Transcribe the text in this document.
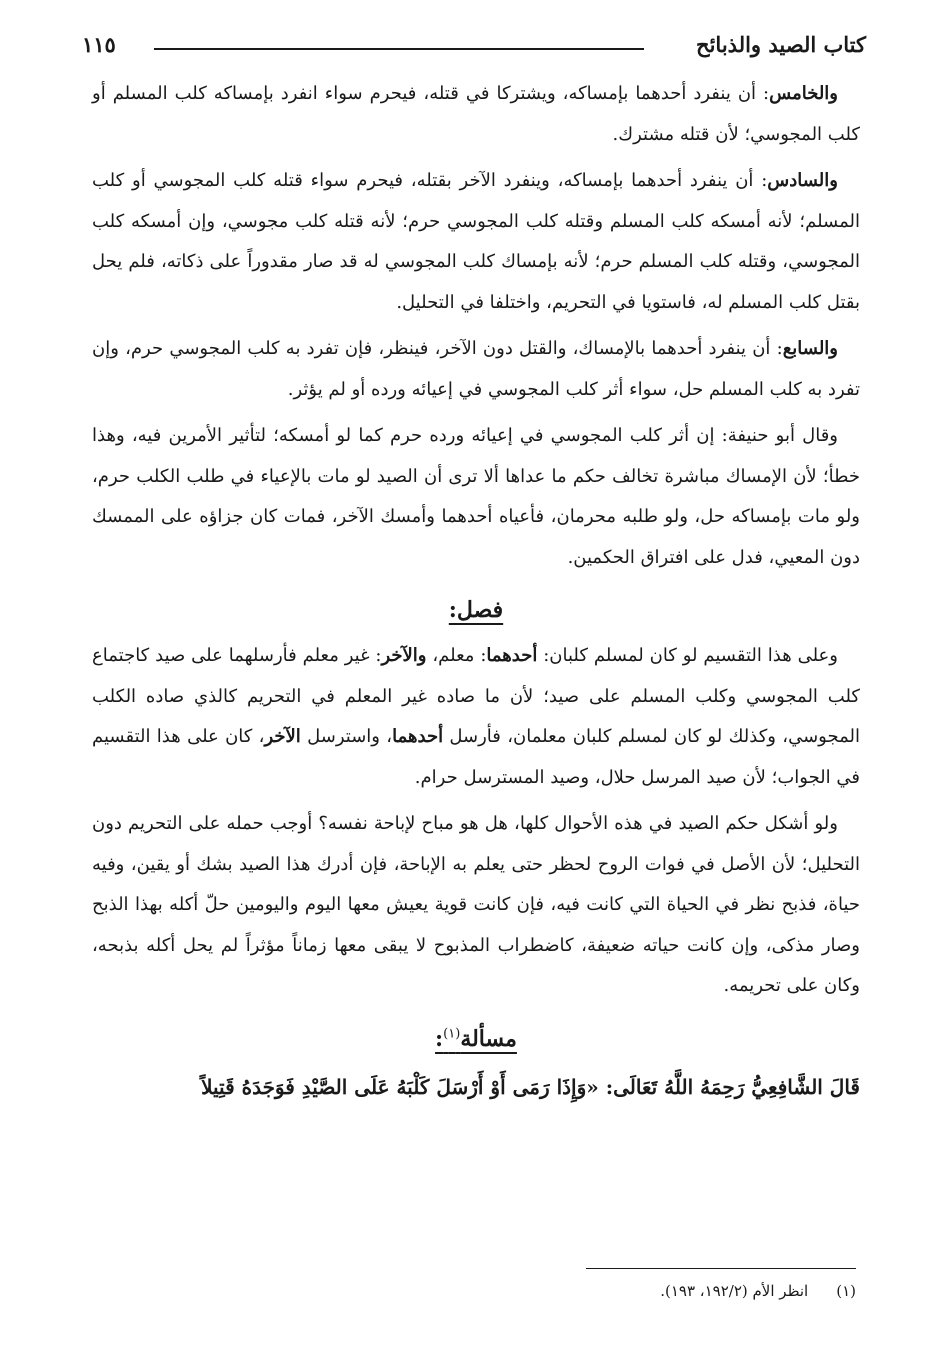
كتاب الصيد والذبائح
١١٥

والخامس: أن ينفرد أحدهما بإمساكه، ويشتركا في قتله، فيحرم سواء انفرد بإمساكه كلب المسلم أو كلب المجوسي؛ لأن قتله مشترك.

والسادس: أن ينفرد أحدهما بإمساكه، وينفرد الآخر بقتله، فيحرم سواء قتله كلب المجوسي أو كلب المسلم؛ لأنه أمسكه كلب المسلم وقتله كلب المجوسي حرم؛ لأنه قتله كلب مجوسي، وإن أمسكه كلب المجوسي، وقتله كلب المسلم حرم؛ لأنه بإمساك كلب المجوسي له قد صار مقدوراً على ذكاته، فلم يحل بقتل كلب المسلم له، فاستويا في التحريم، واختلفا في التحليل.

والسابع: أن ينفرد أحدهما بالإمساك، والقتل دون الآخر، فينظر، فإن تفرد به كلب المجوسي حرم، وإن تفرد به كلب المسلم حل، سواء أثر كلب المجوسي في إعيائه ورده أو لم يؤثر.

وقال أبو حنيفة: إن أثر كلب المجوسي في إعيائه ورده حرم كما لو أمسكه؛ لتأثير الأمرين فيه، وهذا خطأ؛ لأن الإمساك مباشرة تخالف حكم ما عداها ألا ترى أن الصيد لو مات بالإعياء في طلب الكلب حرم، ولو مات بإمساكه حل، ولو طلبه محرمان، فأعياه أحدهما وأمسك الآخر، فمات كان جزاؤه على الممسك دون المعيي، فدل على افتراق الحكمين.

فصل:

وعلى هذا التقسيم لو كان لمسلم كلبان: أحدهما: معلم، والآخر: غير معلم فأرسلهما على صيد كاجتماع كلب المجوسي وكلب المسلم على صيد؛ لأن ما صاده غير المعلم في التحريم كالذي صاده الكلب المجوسي، وكذلك لو كان لمسلم كلبان معلمان، فأرسل أحدهما، واسترسل الآخر، كان على هذا التقسيم في الجواب؛ لأن صيد المرسل حلال، وصيد المسترسل حرام.

ولو أشكل حكم الصيد في هذه الأحوال كلها، هل هو مباح لإباحة نفسه؟ أوجب حمله على التحريم دون التحليل؛ لأن الأصل في فوات الروح لحظر حتى يعلم به الإباحة، فإن أدرك هذا الصيد بشك أو يقين، وفيه حياة، فذبح نظر في الحياة التي كانت فيه، فإن كانت قوية يعيش معها اليوم واليومين حلّ أكله بهذا الذبح وصار مذكى، وإن كانت حياته ضعيفة، كاضطراب المذبوح لا يبقى معها زماناً مؤثراً لم يحل أكله بذبحه، وكان على تحريمه.

مسألة$^{(١)}$:

قَالَ الشَّافِعِيُّ رَحِمَهُ اللَّهُ تَعَالَى: «وَإِذَا رَمَى أَوْ أَرْسَلَ كَلْبَهُ عَلَى الصَّيْدِ فَوَجَدَهُ قَتِيلاً

(١)انظر الأم (١٩٢/٢، ١٩٣).
